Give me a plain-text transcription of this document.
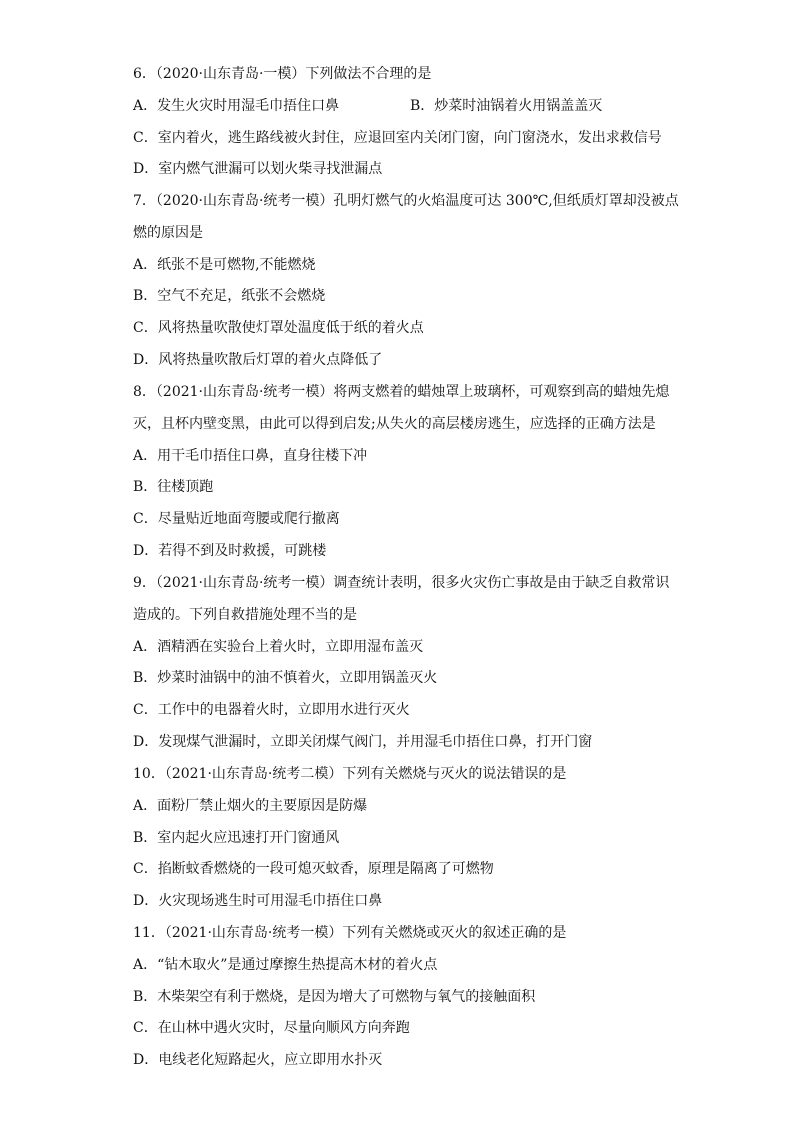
6．（2020·山东青岛·一模）下列做法不合理的是
A．发生火灾时用湿毛巾捂住口鼻	B．炒菜时油锅着火用锅盖盖灭
C．室内着火，逃生路线被火封住，应退回室内关闭门窗，向门窗浇水，发出求救信号
D．室内燃气泄漏可以划火柴寻找泄漏点
7．（2020·山东青岛·统考一模）孔明灯燃气的火焰温度可达 300℃,但纸质灯罩却没被点
燃的原因是
A．纸张不是可燃物,不能燃烧
B．空气不充足，纸张不会燃烧
C．风将热量吹散使灯罩处温度低于纸的着火点
D．风将热量吹散后灯罩的着火点降低了
8．（2021·山东青岛·统考一模）将两支燃着的蜡烛罩上玻璃杯，可观察到高的蜡烛先熄
灭，且杯内壁变黑，由此可以得到启发;从失火的高层楼房逃生，应选择的正确方法是
A．用干毛巾捂住口鼻，直身往楼下冲
B．往楼顶跑
C．尽量贴近地面弯腰或爬行撤离
D．若得不到及时救援，可跳楼
9．（2021·山东青岛·统考一模）调查统计表明，很多火灾伤亡事故是由于缺乏自救常识
造成的。下列自救措施处理不当的是
A．酒精洒在实验台上着火时，立即用湿布盖灭
B．炒菜时油锅中的油不慎着火，立即用锅盖灭火
C．工作中的电器着火时，立即用水进行灭火
D．发现煤气泄漏时，立即关闭煤气阀门，并用湿毛巾捂住口鼻，打开门窗
10．（2021·山东青岛·统考二模）下列有关燃烧与灭火的说法错误的是
A．面粉厂禁止烟火的主要原因是防爆
B．室内起火应迅速打开门窗通风
C．掐断蚊香燃烧的一段可熄灭蚊香，原理是隔离了可燃物
D．火灾现场逃生时可用湿毛巾捂住口鼻
11．（2021·山东青岛·统考一模）下列有关燃烧或灭火的叙述正确的是
A．“钻木取火”是通过摩擦生热提高木材的着火点
B．木柴架空有利于燃烧，是因为增大了可燃物与氧气的接触面积
C．在山林中遇火灾时，尽量向顺风方向奔跑
D．电线老化短路起火，应立即用水扑灭
